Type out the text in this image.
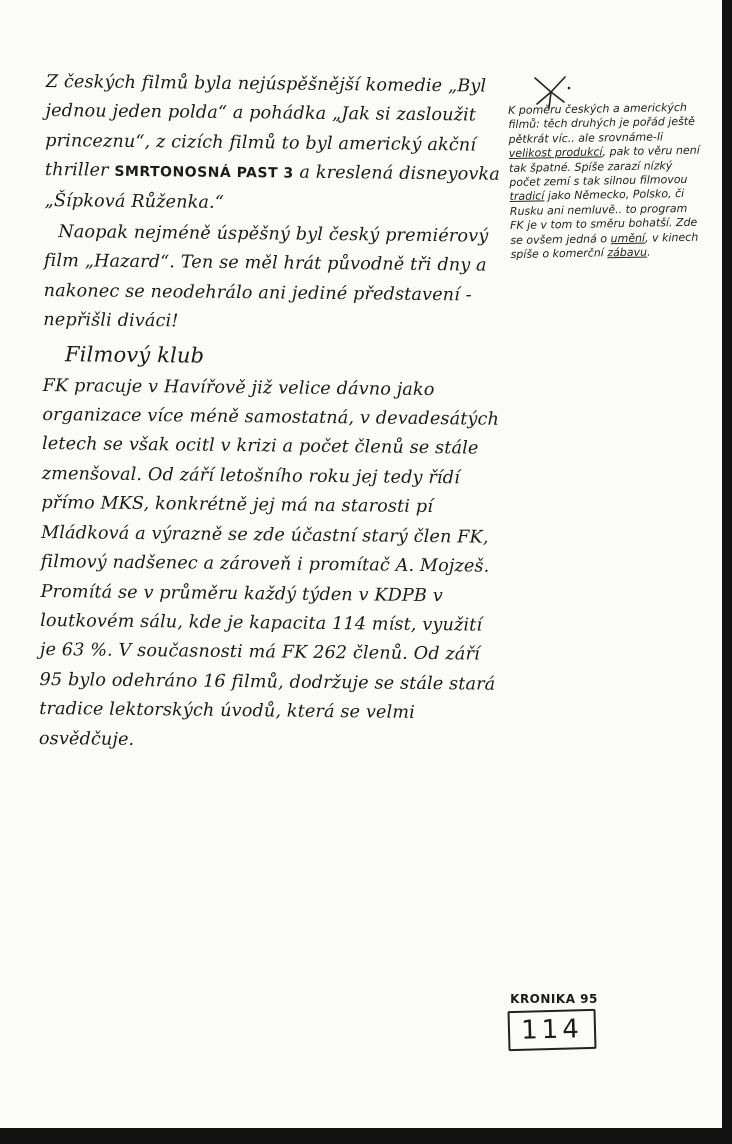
Z českých filmů byla nejúspěšnější komedie „Byl jednou jeden polda“ a pohádka „Jak si zasloužit princeznu“, z cizích filmů to byl americký akční thriller SMRTONOSNÁ PAST 3 a kreslená disneyovka „Šípková Růženka.“

Naopak nejméně úspěšný byl český premiérový film „Hazard“. Ten se měl hrát původně tři dny a nakonec se neodehrálo ani jediné představení - nepřišli diváci!

Filmový klub

FK pracuje v Havířově již velice dávno jako organizace více méně samostatná, v devadesátých letech se však ocitl v krizi a počet členů se stále zmenšoval. Od září letošního roku jej tedy řídí přímo MKS, konkrétně jej má na starosti pí Mládková a výrazně se zde účastní starý člen FK, filmový nadšenec a zároveň i promítač A. Mojzeš. Promítá se v průměru každý týden v KDPB v loutkovém sálu, kde je kapacita 114 míst, využití je 63 %. V současnosti má FK 262 členů. Od září 95 bylo odehráno 16 filmů, dodržuje se stále stará tradice lektorských úvodů, která se velmi osvědčuje.

K poměru českých a amerických filmů: těch druhých je pořád ještě pětkrát víc.. ale srovnáme-li velikost produkcí, pak to věru není tak špatné. Spíše zarazí nízký počet zemí s tak silnou filmovou tradicí jako Německo, Polsko, či Rusku ani nemluvě.. to program FK je v tom to směru bohatší. Zde se ovšem jedná o umění, v kinech spíše o komerční zábavu.
KRONIKA 95
114
